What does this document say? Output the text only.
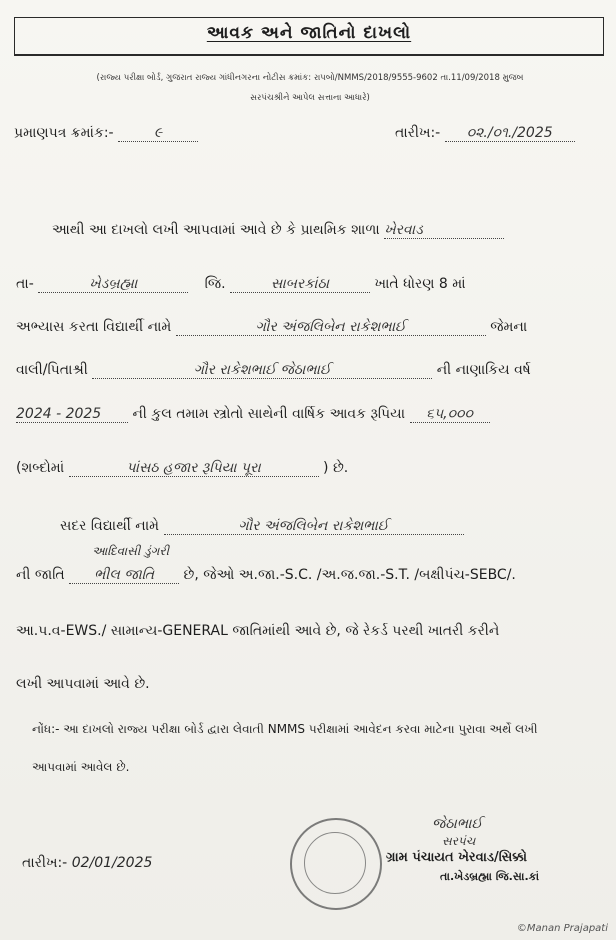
આવક અને જાતિનો દાખલો
(રાજ્ય પરીક્ષા બોર્ડ, ગુજરાત રાજ્ય ગાંધીનગરના નોટીસ ક્રમાંક: રાપબો/NMMS/2018/9555-9602 તા.11/09/2018 મુજબ
સરપંચશ્રીને આપેલ સત્તાના આધારે)
પ્રમાણપત્ર ક્રમાંક:-	૯	તારીખ:- ૦૨./૦૧./2025
આથી આ દાખલો લખી આપવામાં આવે છે કે પ્રાથમિક શાળા ખેરવાડ
તા-	ખેડબ્રહ્મા	જિ.	સાબરકાંઠા	ખાતે ધોરણ 8 માં
અભ્યાસ કરતા વિદ્યાર્થી નામે	ગૌર અંજલિબેન રાકેશભાઈ	જેમના
વાલી/પિતાશ્રી	ગૌર રાકેશભાઈ જેઠાભાઈ	ની નાણાકિય વર્ષ
2024 - 2025 ની કુલ તમામ સ્ત્રોતો સાથેની વાર્ષિક આવક રૂપિયા ૬૫,૦૦૦
(શબ્દોમાં	પાંસઠ હજાર રૂપિયા પૂરા	) છે.
સદર વિદ્યાર્થી નામે	ગૌર અંજલિબેન રાકેશભાઈ
આદિવાસી ડુંગરી
ની જાતિ ભીલ જાતિ છે, જેઓ અ.જા.-S.C. /અ.જ.જા.-S.T. /બક્ષીપંચ-SEBC/.
આ.પ.વ-EWS./ સામાન્ય-GENERAL જાતિમાંથી આવે છે, જે રેકર્ડ પરથી ખાતરી કરીને
લખી આપવામાં આવે છે.
નોંધ:- આ દાખલો રાજ્ય પરીક્ષા બોર્ડ દ્વારા લેવાતી NMMS પરીક્ષામાં આવેદન કરવા માટેના પુરાવા અર્થે લખી
આપવામાં આવેલ છે.
તારીખ:- 02/01/2025
જેઠાભાઈ
સરપંચ
ગ્રામ પંચાયત ખેરવાડ/સિક્કો
તા.ખેડબ્રહ્મા જિ.સા.કાં
©Manan Prajapati
